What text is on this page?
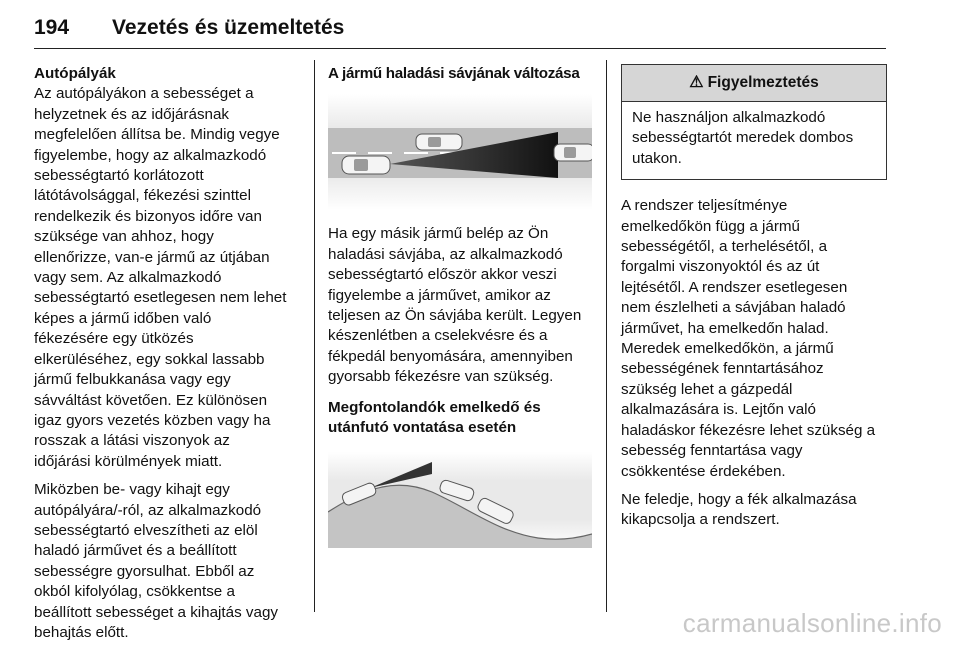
194 Vezetés és üzemeltetés
Autópályák

Az autópályákon a sebességet a
helyzetnek és az időjárásnak
megfelelően állítsa be. Mindig vegye
figyelembe, hogy az alkalmazkodó
sebességtartó korlátozott
látótávolsággal, fékezési szinttel
rendelkezik és bizonyos időre van
szüksége van ahhoz, hogy
ellenőrizze, van-e jármű az útjában
vagy sem. Az alkalmazkodó
sebességtartó esetlegesen nem lehet
képes a jármű időben való
fékezésére egy ütközés
elkerüléséhez, egy sokkal lassabb
jármű felbukkanása vagy egy
sávváltást követően. Ez különösen
igaz gyors vezetés közben vagy ha
rosszak a látási viszonyok az
időjárási körülmények miatt.

Miközben be- vagy kihajt egy
autópályára/-ról, az alkalmazkodó
sebességtartó elveszítheti az elöl
haladó járművet és a beállított
sebességre gyorsulhat. Ebből az
okból kifolyólag, csökkentse a
beállított sebességet a kihajtás vagy
behajtás előtt.

A jármű haladási sávjának változása

Ha egy másik jármű belép az Ön
haladási sávjába, az alkalmazkodó
sebességtartó először akkor veszi
figyelembe a járművet, amikor az
teljesen az Ön sávjába került. Legyen
készenlétben a cselekvésre és a
fékpedál benyomására, amennyiben
gyorsabb fékezésre van szükség.

Megfontolandók emelkedő és
utánfutó vontatása esetén
⚠ Figyelmeztetés

Ne használjon alkalmazkodó
sebességtartót meredek dombos
utakon.

A rendszer teljesítménye
emelkedőkön függ a jármű
sebességétől, a terhelésétől, a
forgalmi viszonyoktól és az út
lejtésétől. A rendszer esetlegesen
nem észlelheti a sávjában haladó
járművet, ha emelkedőn halad.
Meredek emelkedőkön, a jármű
sebességének fenntartásához
szükség lehet a gázpedál
alkalmazására is. Lejtőn való
haladáskor fékezésre lehet szükség a
sebesség fenntartása vagy
csökkentése érdekében.

Ne feledje, hogy a fék alkalmazása
kikapcsolja a rendszert.

carmanualsonline.info
